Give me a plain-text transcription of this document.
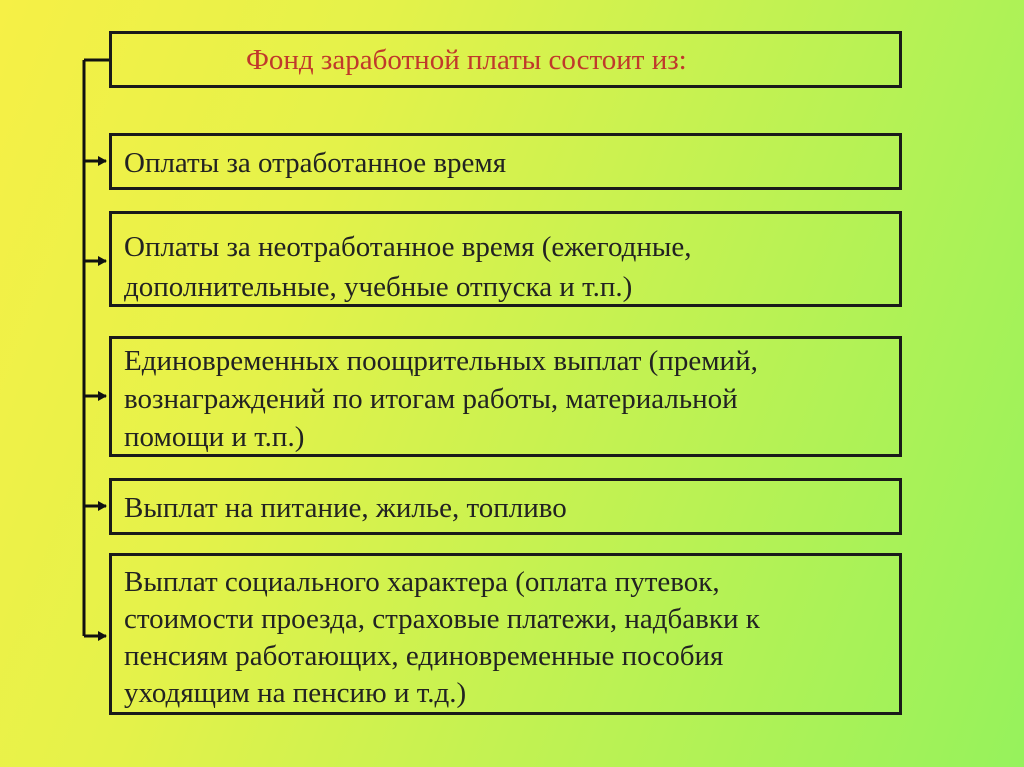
Фонд заработной платы состоит из:
Оплаты за отработанное время
Оплаты за неотработанное время (ежегодные,
дополнительные, учебные отпуска и т.п.)
Единовременных поощрительных выплат (премий,
вознаграждений по итогам работы, материальной
помощи и т.п.)
Выплат на питание, жилье, топливо
Выплат социального характера (оплата путевок,
стоимости проезда, страховые платежи, надбавки к
пенсиям работающих, единовременные пособия
уходящим на пенсию и т.д.)
